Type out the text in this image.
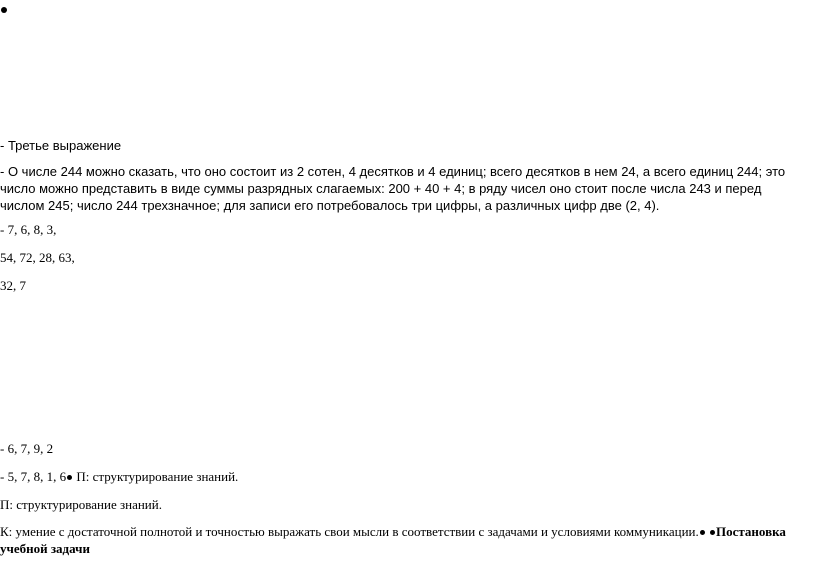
- Третье выражение
- О числе 244 можно сказать, что оно состоит из 2 сотен, 4 десятков и 4 единиц; всего десятков в нем 24, а всего единиц 244; это число можно представить в виде суммы разрядных слагаемых: 200 + 40 + 4; в ряду чисел оно стоит после числа 243 и перед числом 245; число 244 трехзначное; для записи его потребовалось три цифры, а различных цифр две (2, 4).
- 7, 6, 8, 3,
54, 72, 28, 63,
32, 7
- 6, 7, 9, 2
- 5, 7, 8, 1, 6 П: структурирование знаний.
П: структурирование знаний.
К: умение с достаточной полнотой и точностью выражать свои мысли в соответствии с задачами и условиями коммуникации. Постановка учебной задачи
